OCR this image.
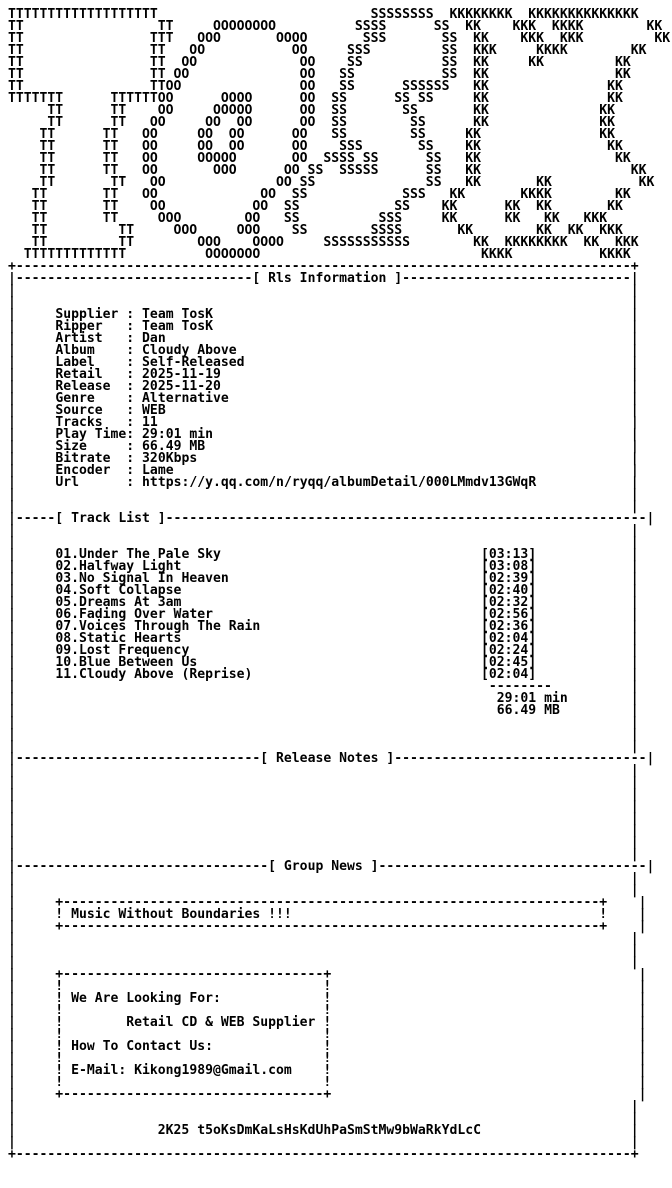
TTTTTTTTTTTTTTTTTTT                           SSSSSSSS  KKKKKKKK  KKKKKKKKKKKKKK
TT                 TT     OOOOOOOO          SSSS      SS  KK    KKK  KKKK        KK
TT                TTT   OOO       OOOO       SSS       SS  KK    KKK  KKK         KK
TT                TT   OO           OO     SSS         SS  KKK     KKKK        KK
TT                TT  OO             OO    SS          SS  KK     KK         KK
TT                TT OO              OO   SS           SS  KK                KK
TT                TTOO               OO   SS      SSSSSS   KK               KK
TTTTTTT      TTTTTTOO      OOOO      OO  SS      SS SS     KK               KK
TT      TT    OO     OOOOO      OO  SS       SS       KK              KK
TT      TT   OO     OO  OO      OO  SS        SS      KK              KK
TT      TT   OO     OO  OO      OO   SS        SS     KK               KK
TT      TT   OO     OO  OO      OO    SSS       SS    KK                KK
TT      TT   OO     OOOOO       OO  SSSS SS      SS   KK                 KK
TT      TT   OO       OOO      OO SS  SSSSS      SS   KK                   KK
TT       TT   OO              OO SS              SS   KK       KK           KK
TT       TT   OO             OO  SS            SSS   KK       KKKK        KK
TT       TT    OO           OO  SS            SS    KK      KK  KK       KK
TT       TT     OOO        OO   SS          SSS     KK      KK   KK   KKK
TT         TT     OOO     OOO    SS        SSSS       KK        KK  KK  KKK
TT         TT        OOO    OOOO     SSSSSSSSSSS        KK  KKKKKKKK  KK  KKK
TTTTTTTTTTTTT          OOOOOOO                            KKKK           KKKK
+------------------------------------------------------------------------------+
|------------------------------[ Rls Information ]-----------------------------|
|                                                                              |
|                                                                              |
|     Supplier : Team TosK                                                     |
|     Ripper   : Team TosK                                                     |
|     Artist   : Dan                                                           |
|     Album    : Cloudy Above                                                  |
|     Label    : Self-Released                                                 |
|     Retail   : 2025-11-19                                                    |
|     Release  : 2025-11-20                                                    |
|     Genre    : Alternative                                                   |
|     Source   : WEB                                                           |
|     Tracks   : 11                                                            |
|     Play Time: 29:01 min                                                     |
|     Size     : 66.49 MB                                                      |
|     Bitrate  : 320Kbps                                                       |
|     Encoder  : Lame                                                          |
|     Url      : https://y.qq.com/n/ryqq/albumDetail/000LMmdv13GWqR            |
|                                                                              |
|                                                                              |
|-----[ Track List ]-------------------------------------------------------------|
|                                                                              |
|                                                                              |
|     01.Under The Pale Sky	[03:13]            |
|     02.Halfway Light	[03:08]            |
|     03.No Signal In Heaven	[02:39]            |
|     04.Soft Collapse	[02:40]            |
|     05.Dreams At 3am	[02:32]            |
|     06.Fading Over Water	[02:56]            |
|     07.Voices Through The Rain	[02:36]            |
|     08.Static Hearts	[02:04]            |
|     09.Lost Frequency	[02:24]            |
|     10.Blue Between Us	[02:45]            |
|     11.Cloudy Above (Reprise)	[02:04]            |
|                                                            --------          |
|                                                             29:01 min        |
|                                                             66.49 MB         |
|                                                                              |
|                                                                              |
|                                                                              |
|-------------------------------[ Release Notes ]--------------------------------|
|                                                                              |
|                                                                              |
|                                                                              |
|                                                                              |
|                                                                              |
|                                                                              |
|                                                                              |
|                                                                              |
|--------------------------------[ Group News ]----------------------------------|
|                                                                              |
|                                                                              |
|     +--------------------------------------------------------------------+    |
|     ! Music Without Boundaries !!!                                       !    |
|     +--------------------------------------------------------------------+    |
|                                                                              |
|                                                                              |
|                                                                              |
|     +---------------------------------+                                       |
|     !                                 !                                       |
|     ! We Are Looking For:             !                                       |
|     !                                 !                                       |
|     !        Retail CD & WEB Supplier !                                       |
|     !                                 !                                       |
|     ! How To Contact Us:              !                                       |
|     !                                 !                                       |
|     ! E-Mail: Kikong1989@Gmail.com    !                                       |
|     !                                 !                                       |
|     +---------------------------------+                                       |
|                                                                              |
|                                                                              |
|                  2K25 t5oKsDmKaLsHsKdUhPaSmStMw9bWaRkYdLcC                   |
|                                                                              |
+------------------------------------------------------------------------------+
